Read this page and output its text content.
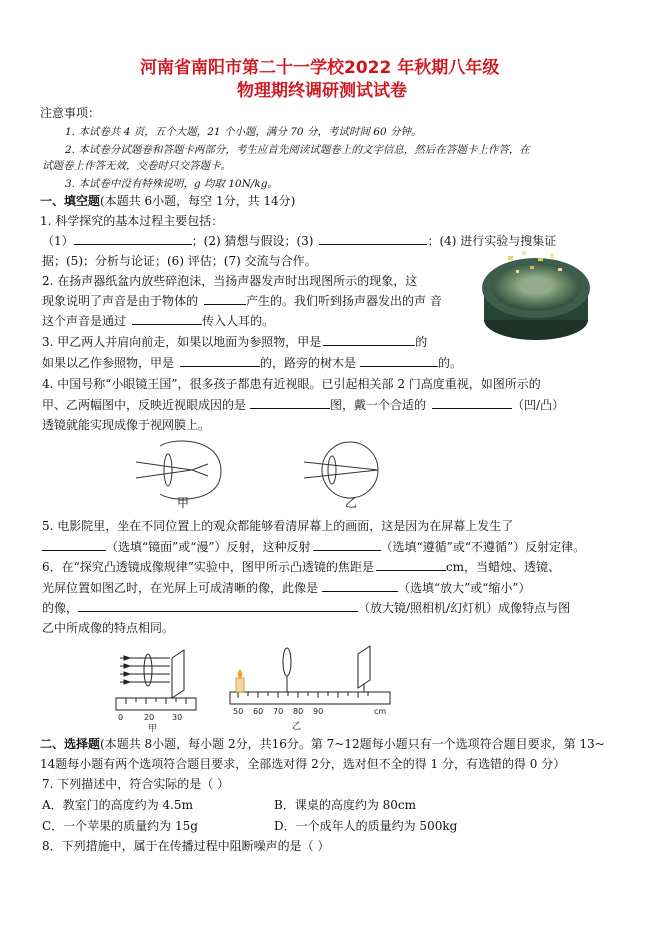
河南省南阳市第二十一学校2022 年秋期八年级
物理期终调研测试试卷
注意事项：
1. 本试卷共 4 页，五个大题，21 个小题，满分 70 分，考试时间 60 分钟。
2. 本试卷分试题卷和答题卡两部分，考生应首先阅读试题卷上的文字信息，然后在答题卡上作答，在
试题卷上作答无效，交卷时只交答题卡。
3. 本试卷中没有特殊说明，g 均取 10N/kg。
一、填空题(本题共 6小题，每空 1分，共 14分)
1. 科学探究的基本过程主要包括：
（1）	；(2) 猜想与假设；(3)	；(4) 进行实验与搜集证
据；(5)；分析与论证；(6) 评估；(7) 交流与合作。
2. 在扬声器纸盆内放些碎泡沫，当扬声器发声时出现图所示的现象，这
现象说明了声音是由于物体的	产生的。我们听到扬声器发出的声 音
这个声音是通过	传入人耳的。
3. 甲乙两人并肩向前走，如果以地面为参照物，甲是	的
如果以乙作参照物，甲是	的，路旁的树木是	的。
4. 中国号称“小眼镜王国”，很多孩子都患有近视眼。已引起相关部 2 门高度重视，如图所示的
甲、乙两幅图中，反映近视眼成因的是	图，戴一个合适的	（凹/凸）
透镜就能实现成像于视网膜上。
甲	乙
5. 电影院里，坐在不同位置上的观众都能够看清屏幕上的画面，这是因为在屏幕上发生了
（选填“镜面”或“漫”）反射，这种反射	（选填“遵循”或“不遵循”）反射定律。
6．在“探究凸透镜成像规律”实验中，图甲所示凸透镜的焦距是	cm，当蜡烛、透镜、
光屏位置如图乙时，在光屏上可成清晰的像，此像是	（选填“放大”或“缩小”）
的像，	（放大镜/照相机/幻灯机）成像特点与图
乙中所成像的特点相同。
0	20 30
甲
50 60 70 80 90	cm
乙
二、选择题(本题共 8小题，每小题 2分，共16分。第 7~12题每小题只有一个选项符合题目要求，第 13~
14题每小题有两个选项符合题目要求，全部选对得 2分，选对但不全的得 1 分，有选错的得 0 分）
7. 下列描述中，符合实际的是（ ）
A．教室门的高度约为 4.5m	B．课桌的高度约为 80cm
C．一个苹果的质量约为 15g	D．一个成年人的质量约为 500kg
8．下列措施中，属于在传播过程中阻断噪声的是（ ）
